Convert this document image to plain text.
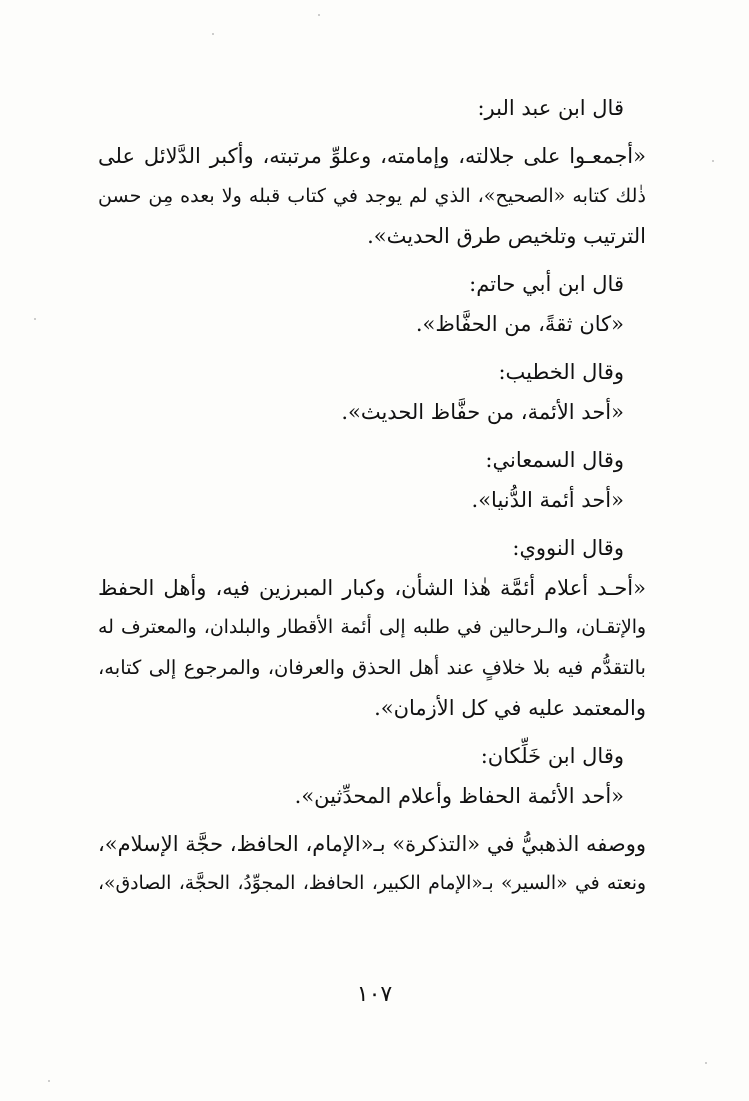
قال ابن عبد البر:
«أجمعـوا على جلالته، وإمامته، وعلوِّ مرتبته، وأكبر الدَّلائل على
ذٰلك كتابه «الصحيح»، الذي لم يوجد في كتاب قبله ولا بعده مِن حسن
الترتيب وتلخيص طرق الحديث».
قال ابن أبي حاتم:
«كان ثقةً، من الحفَّاظ».
وقال الخطيب:
«أحد الأئمة، من حفَّاظ الحديث».
وقال السمعاني:
«أحد أئمة الدُّنيا».
وقال النووي:
«أحـد أعلام أئمَّة هٰذا الشأن، وكبار المبرزين فيه، وأهل الحفظ
والإتقـان، والـرحالين في طلبه إلى أئمة الأقطار والبلدان، والمعترف له
بالتقدُّم فيه بلا خلافٍ عند أهل الحذق والعرفان، والمرجوع إلى كتابه،
والمعتمد عليه في كل الأزمان».
وقال ابن خَلِّكان:
«أحد الأئمة الحفاظ وأعلام المحدِّثين».
ووصفه الذهبيُّ في «التذكرة» بـ«الإمام، الحافظ، حجَّة الإسلام»،
ونعته في «السير» بـ«الإمام الكبير، الحافظ، المجوِّدُ، الحجَّة، الصادق»،
١٠٧
